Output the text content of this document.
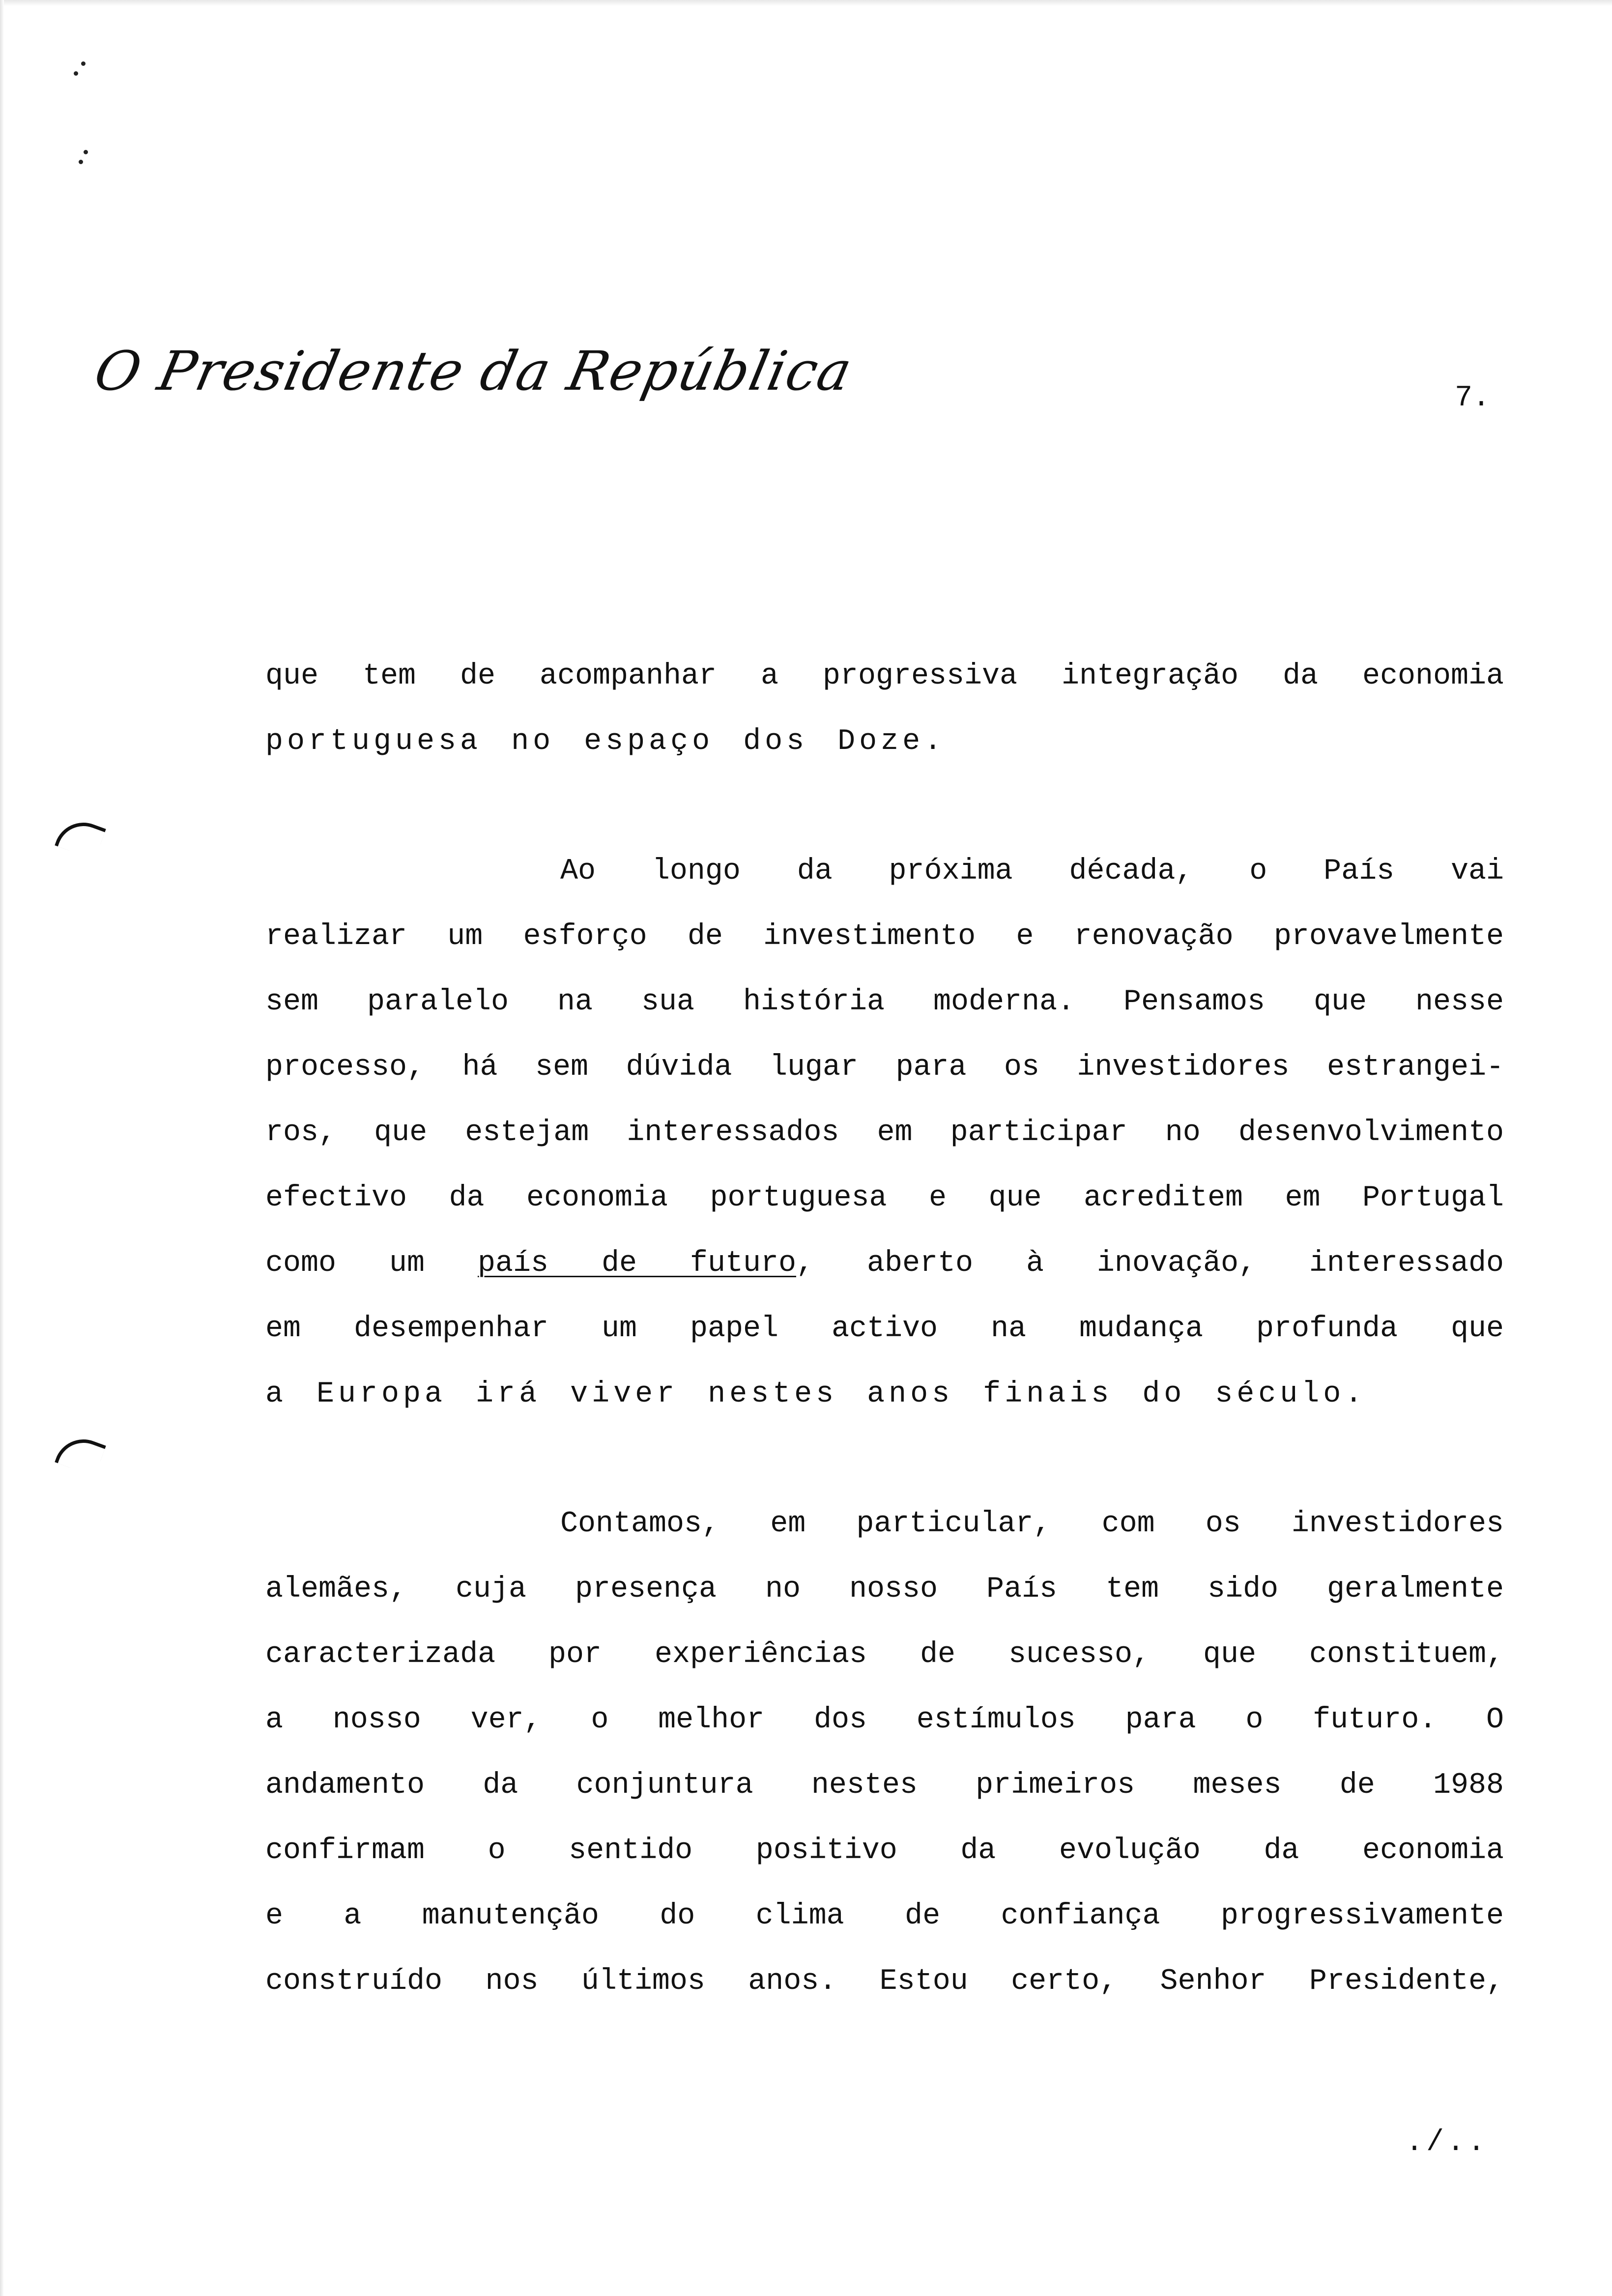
O Presidente da República	7.
que tem de acompanhar a progressiva integração da economia
portuguesa no espaço dos Doze.
Ao longo da próxima década, o País vai
realizar um esforço de investimento e renovação provavelmente
sem paralelo na sua história moderna. Pensamos que nesse
processo, há sem dúvida lugar para os investidores estrangei-
ros, que estejam interessados em participar no desenvolvimento
efectivo da economia portuguesa e que acreditem em Portugal
como um país de futuro, aberto à inovação, interessado
em desempenhar um papel activo na mudança profunda que
a Europa irá viver nestes anos finais do século.
Contamos, em particular, com os investidores
alemães, cuja presença no nosso País tem sido geralmente
caracterizada por experiências de sucesso, que constituem,
a nosso ver, o melhor dos estímulos para o futuro. O
andamento da conjuntura nestes primeiros meses de 1988
confirmam o sentido positivo da evolução da economia
e a manutenção do clima de confiança progressivamente
construído nos últimos anos. Estou certo, Senhor Presidente,
./..
